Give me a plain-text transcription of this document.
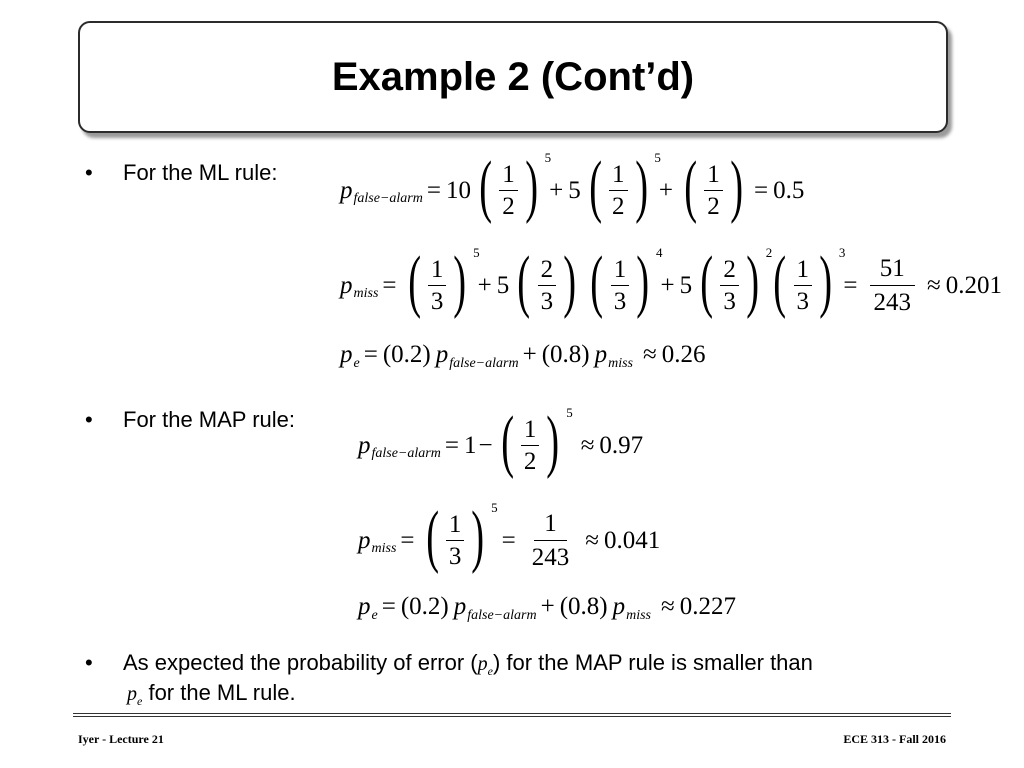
Example 2 (Cont’d)
• For the ML rule:
p false−alarm = 10 ( $\frac{1}{2}$ ) 5
+ 5 ( $\frac{1}{2}$ ) 5
+ ( $\frac{1}{2}$ ) = 0.5
p miss = ( $\frac{1}{3}$ ) 5
+ 5 ( $\frac{2}{3}$ ) ( $\frac{1}{3}$ ) 4
+ 5 ( $\frac{2}{3}$ ) 2 ( $\frac{1}{3}$ ) 3
= $\frac{51}{243} \approx 0.201$
p e = (0.2) p false−alarm + (0.8) p miss ≈ 0.26
• For the MAP rule:
p false−alarm = 1 − ( $\frac{1}{2}$ ) 5
≈ 0.97
p miss = ( $\frac{1}{3}$ ) 5
= $\frac{1}{243} \approx 0.041$
p e = (0.2) p false−alarm + (0.8) p miss ≈ 0.227
• As expected the probability of error $(p_e)$ for the MAP rule is smaller than
$p_e$ for the ML rule.
Iyer - Lecture 21	ECE 313 - Fall 2016
